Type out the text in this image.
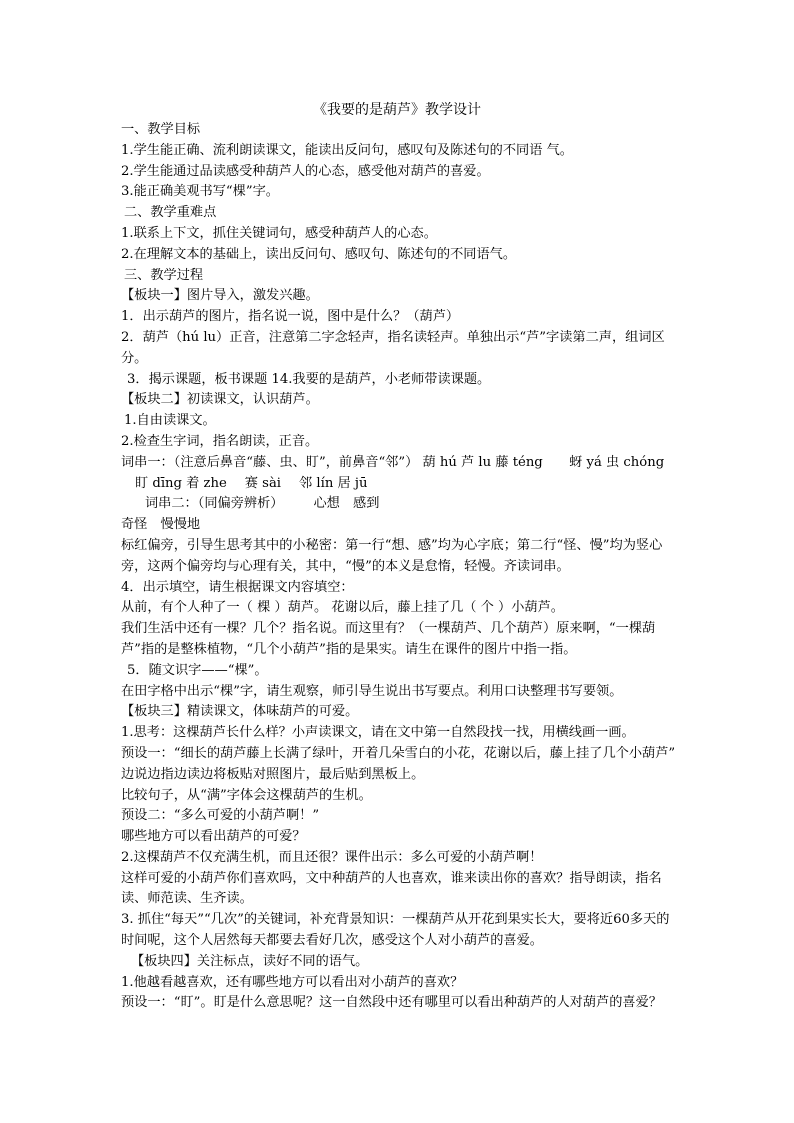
《我要的是葫芦》教学设计

一、教学目标

1.学生能正确、流利朗读课文，能读出反问句，感叹句及陈述句的不同语 气。

2.学生能通过品读感受种葫芦人的心态，感受他对葫芦的喜爱。

3.能正确美观书写“棵”字。

二、教学重难点

1.联系上下文，抓住关键词句，感受种葫芦人的心态。

2.在理解文本的基础上，读出反问句、感叹句、陈述句的不同语气。

三、教学过程

【板块一】图片导入，激发兴趣。

1．出示葫芦的图片，指名说一说，图中是什么？（葫芦）

2．葫芦（hú lu）正音，注意第二字念轻声，指名读轻声。单独出示“芦”字读第二声，组词区分。

3．揭示课题，板书课题 14.我要的是葫芦，小老师带读课题。

【板块二】初读课文，认识葫芦。

1.自由读课文。

2.检查生字词，指名朗读，正音。

词串一：（注意后鼻音“藤、虫、盯”，前鼻音“邻”） 葫 hú 芦 lu 藤 téng　　蚜 yá 虫 chóng

盯 dīng 着 zhe 赛 sài 邻 lín 居 jū

词串二：（同偏旁辨析） 心想　感到

奇怪　慢慢地

标红偏旁，引导生思考其中的小秘密：第一行“想、感”均为心字底；第二行“怪、慢”均为竖心旁，这两个偏旁均与心理有关，其中，“慢”的本义是怠惰，轻慢。齐读词串。

4．出示填空，请生根据课文内容填空：

从前，有个人种了一（ 棵 ）葫芦。 花谢以后，藤上挂了几（ 个 ）小葫芦。

我们生活中还有一棵？几个？指名说。而这里有？（一棵葫芦、几个葫芦）原来啊，“一棵葫芦”指的是整株植物，“几个小葫芦”指的是果实。请生在课件的图片中指一指。

5．随文识字——“棵”。

在田字格中出示“棵”字，请生观察，师引导生说出书写要点。利用口诀整理书写要领。

【板块三】精读课文，体味葫芦的可爱。

1.思考：这棵葫芦长什么样？小声读课文，请在文中第一自然段找一找，用横线画一画。

预设一：“细长的葫芦藤上长满了绿叶，开着几朵雪白的小花，花谢以后，藤上挂了几个小葫芦” 边说边指边读边将板贴对照图片，最后贴到黑板上。

比较句子，从“满”字体会这棵葫芦的生机。

预设二：“多么可爱的小葫芦啊！”

哪些地方可以看出葫芦的可爱？

2.这棵葫芦不仅充满生机，而且还很？课件出示：多么可爱的小葫芦啊！

这样可爱的小葫芦你们喜欢吗，文中种葫芦的人也喜欢，谁来读出你的喜欢？指导朗读，指名读、师范读、生齐读。

3. 抓住“每天”“几次”的关键词，补充背景知识：一棵葫芦从开花到果实长大，要将近60多天的时间呢，这个人居然每天都要去看好几次，感受这个人对小葫芦的喜爱。

【板块四】关注标点，读好不同的语气。

1.他越看越喜欢，还有哪些地方可以看出对小葫芦的喜欢？

预设一：“盯”。盯是什么意思呢？这一自然段中还有哪里可以看出种葫芦的人对葫芦的喜爱？
